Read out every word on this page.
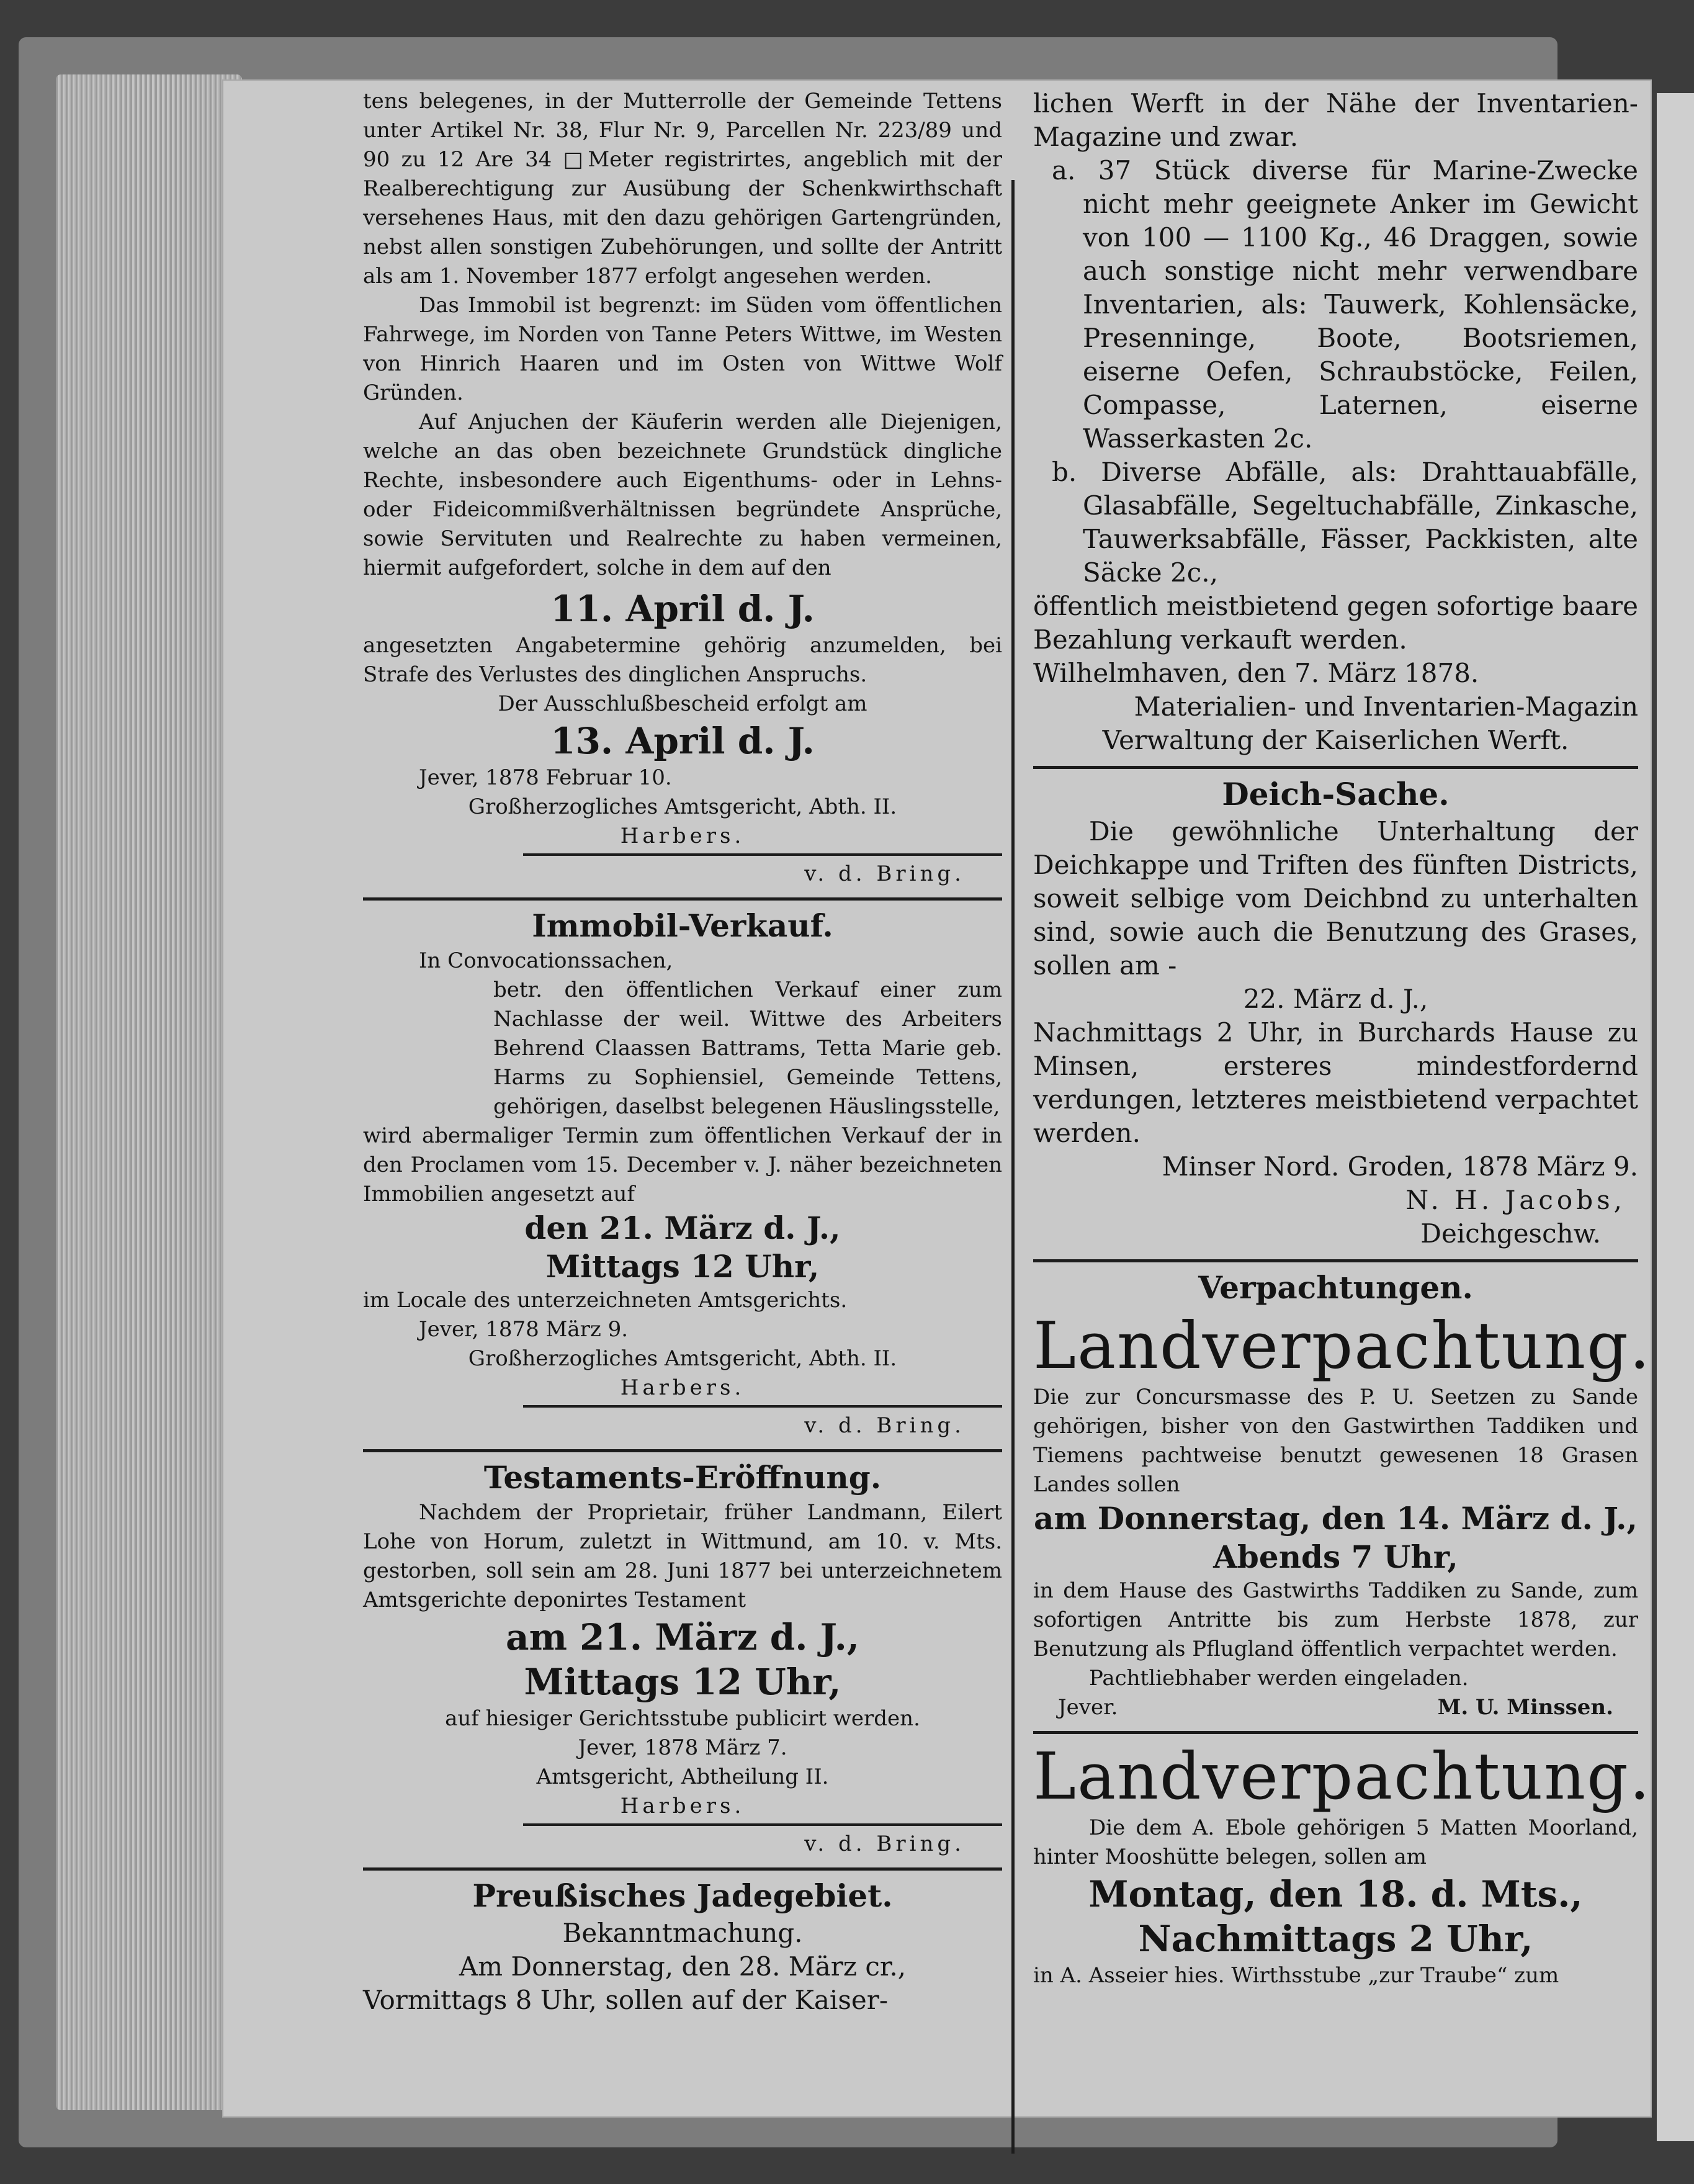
tens belegenes, in der Mutterrolle der Gemeinde Tettens unter Artikel Nr. 38, Flur Nr. 9, Parcellen Nr. 223/89 und 90 zu 12 Are 34 □Meter registrirtes, angeblich mit der Realberechtigung zur Ausübung der Schenkwirthschaft versehenes Haus, mit den dazu gehörigen Gartengründen, nebst allen sonstigen Zubehörungen, und sollte der Antritt als am 1. November 1877 erfolgt angesehen werden.

Das Immobil ist begrenzt: im Süden vom öffentlichen Fahrwege, im Norden von Tanne Peters Wittwe, im Westen von Hinrich Haaren und im Osten von Wittwe Wolf Gründen.

Auf Anjuchen der Käuferin werden alle Diejenigen, welche an das oben bezeichnete Grundstück dingliche Rechte, insbesondere auch Eigenthums- oder in Lehns- oder Fideicommißverhältnissen begründete Ansprüche, sowie Servituten und Realrechte zu haben vermeinen, hiermit aufgefordert, solche in dem auf den

11. April d. J.

angesetzten Angabetermine gehörig anzumelden, bei Strafe des Verlustes des dinglichen Anspruchs.

Der Ausschlußbescheid erfolgt am

13. April d. J.

Jever, 1878 Februar 10.

Großherzogliches Amtsgericht, Abth. II.

Harbers.

v. d. Bring.

Immobil-Verkauf.

In Convocationssachen,

betr. den öffentlichen Verkauf einer zum Nachlasse der weil. Wittwe des Arbeiters Behrend Claassen Battrams, Tetta Marie geb. Harms zu Sophiensiel, Gemeinde Tettens, gehörigen, daselbst belegenen Häuslingsstelle,

wird abermaliger Termin zum öffentlichen Verkauf der in den Proclamen vom 15. December v. J. näher bezeichneten Immobilien angesetzt auf

den 21. März d. J.,

Mittags 12 Uhr,

im Locale des unterzeichneten Amtsgerichts.

Jever, 1878 März 9.

Großherzogliches Amtsgericht, Abth. II.

Harbers.

v. d. Bring.

Testaments-Eröffnung.

Nachdem der Proprietair, früher Landmann, Eilert Lohe von Horum, zuletzt in Wittmund, am 10. v. Mts. gestorben, soll sein am 28. Juni 1877 bei unterzeichnetem Amtsgerichte deponirtes Testament

am 21. März d. J.,

Mittags 12 Uhr,

auf hiesiger Gerichtsstube publicirt werden.

Jever, 1878 März 7.

Amtsgericht, Abtheilung II.

Harbers.

v. d. Bring.

Preußisches Jadegebiet.

Bekanntmachung.

Am Donnerstag, den 28. März cr.,

Vormittags 8 Uhr, sollen auf der Kaiser-

lichen Werft in der Nähe der Inventarien-Magazine und zwar.

a. 37 Stück diverse für Marine-Zwecke nicht mehr geeignete Anker im Gewicht von 100 — 1100 Kg., 46 Draggen, sowie auch sonstige nicht mehr verwendbare Inventarien, als: Tauwerk, Kohlensäcke, Presenninge, Boote, Bootsriemen, eiserne Oefen, Schraubstöcke, Feilen, Compasse, Laternen, eiserne Wasserkasten 2c.

b. Diverse Abfälle, als: Drahttauabfälle, Glasabfälle, Segeltuchabfälle, Zinkasche, Tauwerksabfälle, Fässer, Packkisten, alte Säcke 2c.,

öffentlich meistbietend gegen sofortige baare Bezahlung verkauft werden.

Wilhelmhaven, den 7. März 1878.

Materialien- und Inventarien-Magazin

Verwaltung der Kaiserlichen Werft.

Deich-Sache.

Die gewöhnliche Unterhaltung der Deichkappe und Triften des fünften Districts, soweit selbige vom Deichbnd zu unterhalten sind, sowie auch die Benutzung des Grases, sollen am -

22. März d. J.,

Nachmittags 2 Uhr, in Burchards Hause zu Minsen, ersteres mindestfordernd verdungen, letzteres meistbietend verpachtet werden.

Minser Nord. Groden, 1878 März 9.

N. H. Jacobs,

Deichgeschw.

Verpachtungen.

Landverpachtung.

Die zur Concursmasse des P. U. Seetzen zu Sande gehörigen, bisher von den Gastwirthen Taddiken und Tiemens pachtweise benutzt gewesenen 18 Grasen Landes sollen

am Donnerstag, den 14. März d. J.,

Abends 7 Uhr,

in dem Hause des Gastwirths Taddiken zu Sande, zum sofortigen Antritte bis zum Herbste 1878, zur Benutzung als Pflugland öffentlich verpachtet werden.

Pachtliebhaber werden eingeladen.

Jever.	M. U. Minssen.

Landverpachtung.

Die dem A. Ebole gehörigen 5 Matten Moorland, hinter Mooshütte belegen, sollen am

Montag, den 18. d. Mts.,

Nachmittags 2 Uhr,

in A. Asseier hies. Wirthsstube „zur Traube“ zum
